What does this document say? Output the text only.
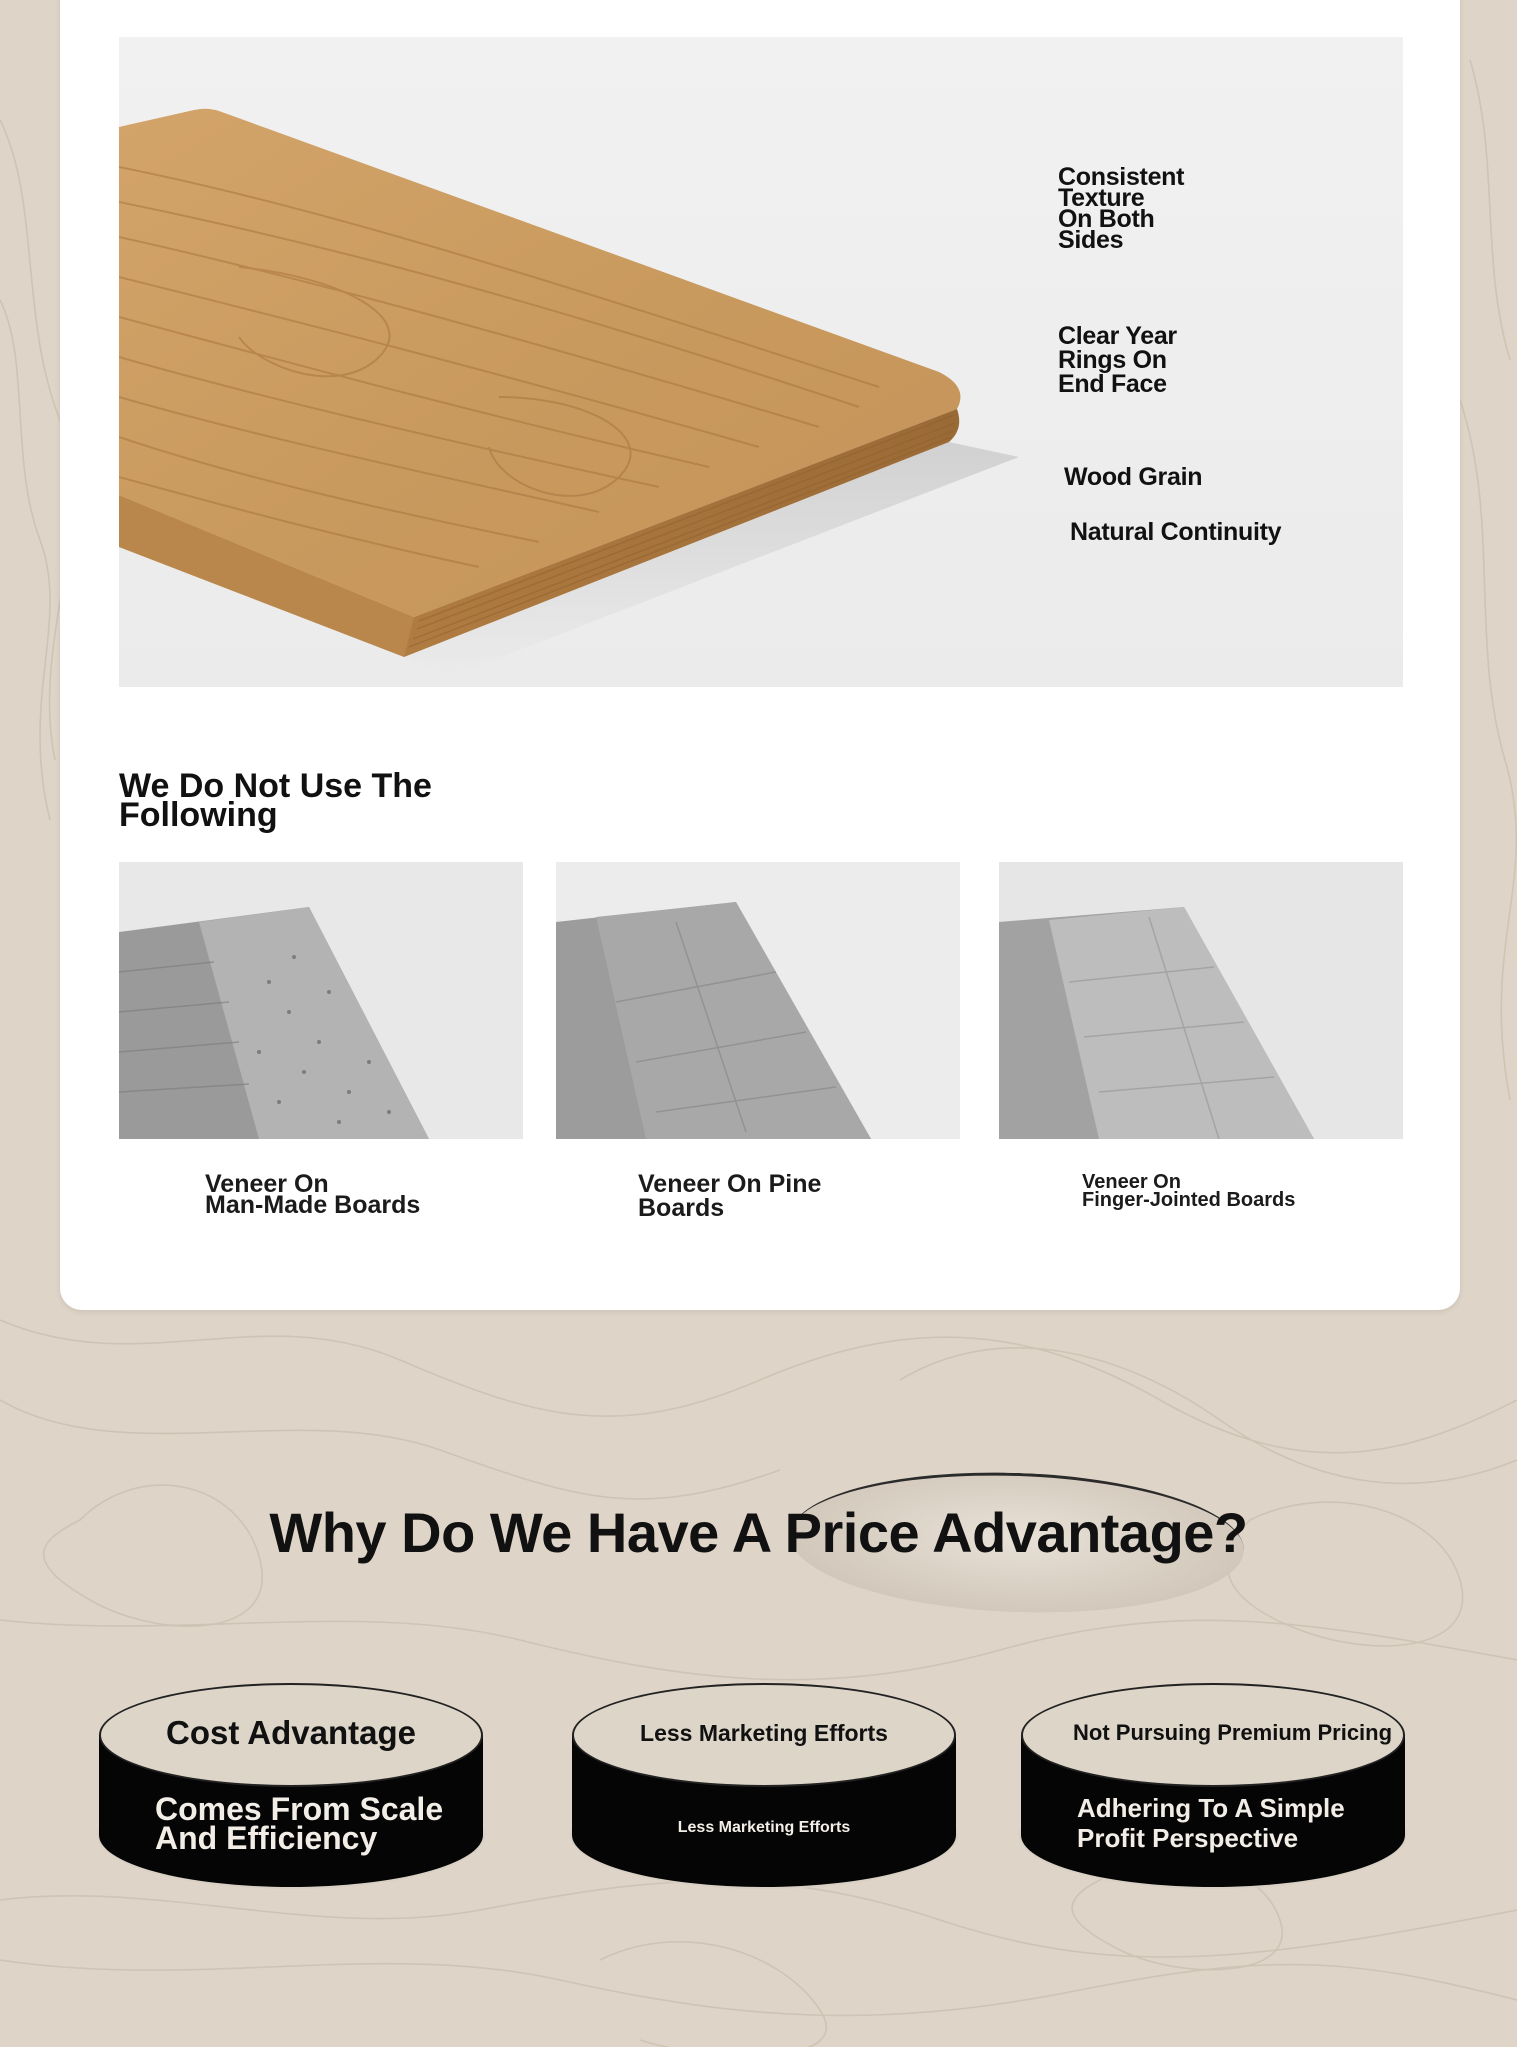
Consistent
Texture
On Both
Sides
Clear Year
Rings On
End Face
Wood Grain
Natural Continuity
We Do Not Use The
Following
Veneer On
Man-Made Boards
Veneer On Pine
Boards
Veneer On
Finger-Jointed Boards
Why Do We Have A Price Advantage?
Cost Advantage
Comes From Scale
And Efficiency
Less Marketing Efforts
Less Marketing Efforts
Not Pursuing Premium Pricing
Adhering To A Simple
Profit Perspective
